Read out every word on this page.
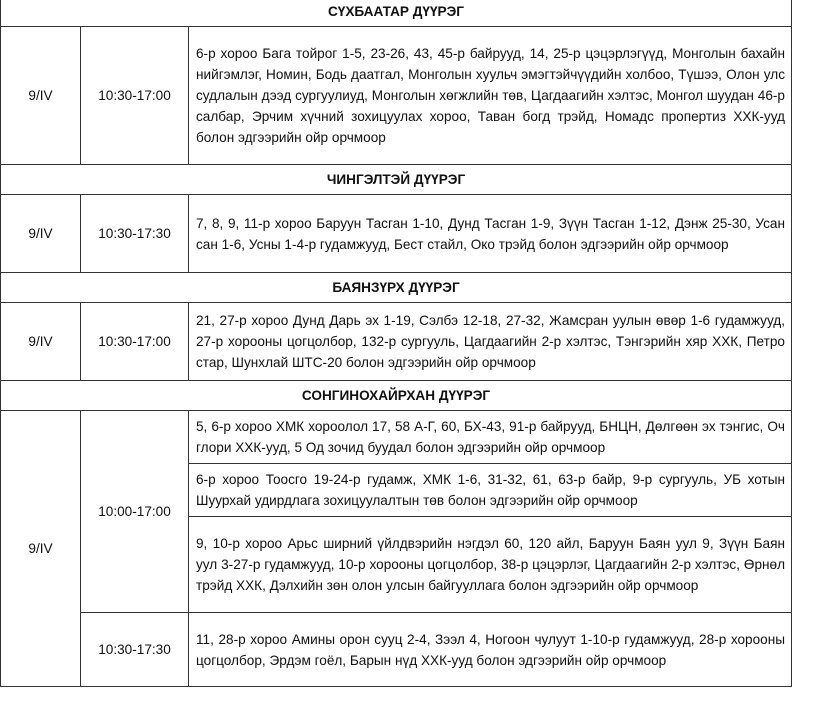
СҮХБААТАР ДҮҮРЭГ		
9/IV	10:30-17:00	6-р хороо Бага тойрог 1-5, 23-26, 43, 45-р байрууд, 14, 25-р цэцэрлэгүүд, Монголын бахайн нийгэмлэг, Номин, Бодь даатгал, Монголын хуульч эмэгтэйчүүдийн холбоо, Түшээ, Олон улс судлалын дээд сургуулиуд, Монголын хөгжлийн төв, Цагдаагийн хэлтэс, Монгол шуудан 46-р салбар, Эрчим хүчний зохицуулах хороо, Таван богд трэйд, Номадс пропертиз ХХК-ууд болон эдгээрийн ойр орчмоор
ЧИНГЭЛТЭЙ ДҮҮРЭГ		
9/IV	10:30-17:30	7, 8, 9, 11-р хороо Баруун Тасган 1-10, Дунд Тасган 1-9, Зүүн Тасган 1-12, Дэнж 25-30, Усан сан 1-6, Усны 1-4-р гудамжууд, Бест стайл, Око трэйд болон эдгээрийн ойр орчмоор
БАЯНЗҮРХ ДҮҮРЭГ		
9/IV	10:30-17:00	21, 27-р хороо Дунд Дарь эх 1-19, Сэлбэ 12-18, 27-32, Жамсран уулын өвөр 1-6 гудамжууд, 27-р хорооны цогцолбор, 132-р сургууль, Цагдаагийн 2-р хэлтэс, Тэнгэрийн хяр ХХК, Петро стар, Шунхлай ШТС-20 болон эдгээрийн ойр орчмоор
СОНГИНОХАЙРХАН ДҮҮРЭГ		
9/IV	10:00-17:00	5, 6-р хороо ХМК хороолол 17, 58 А-Г, 60, БХ-43, 91-р байрууд, БНЦН, Дөлгөөн эх тэнгис, Оч глори ХХК-ууд, 5 Од зочид буудал болон эдгээрийн ойр орчмоор
		6-р хороо Тоосго 19-24-р гудамж, ХМК 1-6, 31-32, 61, 63-р байр, 9-р сургууль, УБ хотын Шуурхай удирдлага зохицуулалтын төв болон эдгээрийн ойр орчмоор
		9, 10-р хороо Арьс ширний үйлдвэрийн нэгдэл 60, 120 айл, Баруун Баян уул 9, Зүүн Баян уул 3-27-р гудамжууд, 10-р хорооны цогцолбор, 38-р цэцэрлэг, Цагдаагийн 2-р хэлтэс, Өрнөл трэйд ХХК, Дэлхийн зөн олон улсын байгууллага болон эдгээрийн ойр орчмоор
	10:30-17:30	11, 28-р хороо Амины орон сууц 2-4, Зээл 4, Ногоон чулуут 1-10-р гудамжууд, 28-р хорооны цогцолбор, Эрдэм гоёл, Барын нүд ХХК-ууд болон эдгээрийн ойр орчмоор
